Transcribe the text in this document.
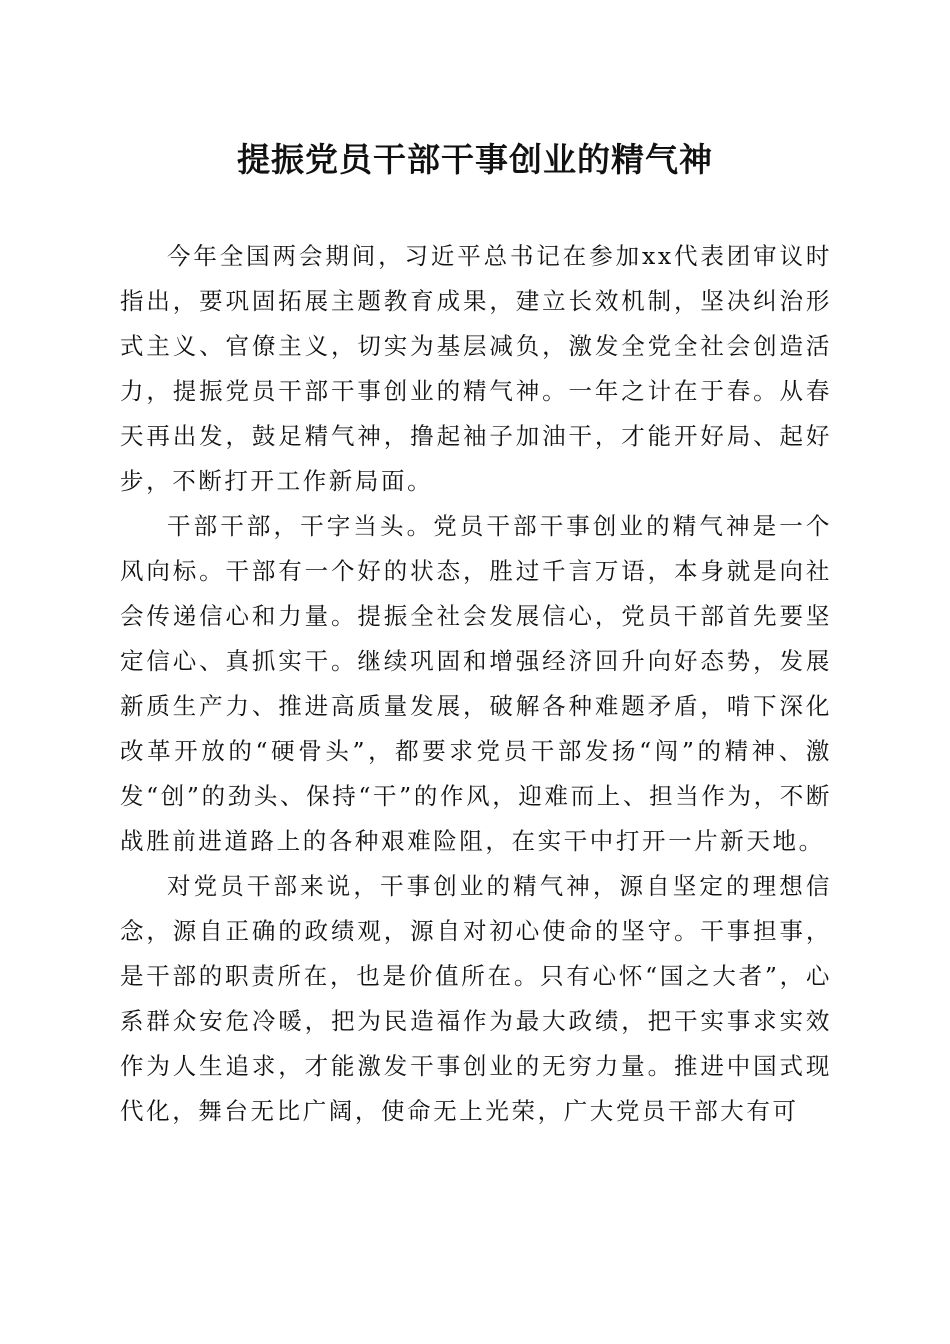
提振党员干部干事创业的精气神

今年全国两会期间，习近平总书记在参加xx代表团审议时指出，要巩固拓展主题教育成果，建立长效机制，坚决纠治形式主义、官僚主义，切实为基层减负，激发全党全社会创造活力，提振党员干部干事创业的精气神。一年之计在于春。从春天再出发，鼓足精气神，撸起袖子加油干，才能开好局、起好步，不断打开工作新局面。

干部干部，干字当头。党员干部干事创业的精气神是一个风向标。干部有一个好的状态，胜过千言万语，本身就是向社会传递信心和力量。提振全社会发展信心，党员干部首先要坚定信心、真抓实干。继续巩固和增强经济回升向好态势，发展新质生产力、推进高质量发展，破解各种难题矛盾，啃下深化改革开放的“硬骨头”，都要求党员干部发扬“闯”的精神、激发“创”的劲头、保持“干”的作风，迎难而上、担当作为，不断战胜前进道路上的各种艰难险阻，在实干中打开一片新天地。

对党员干部来说，干事创业的精气神，源自坚定的理想信念，源自正确的政绩观，源自对初心使命的坚守。干事担事，是干部的职责所在，也是价值所在。只有心怀“国之大者”，心系群众安危冷暖，把为民造福作为最大政绩，把干实事求实效作为人生追求，才能激发干事创业的无穷力量。推进中国式现代化，舞台无比广阔，使命无上光荣，广大党员干部大有可
